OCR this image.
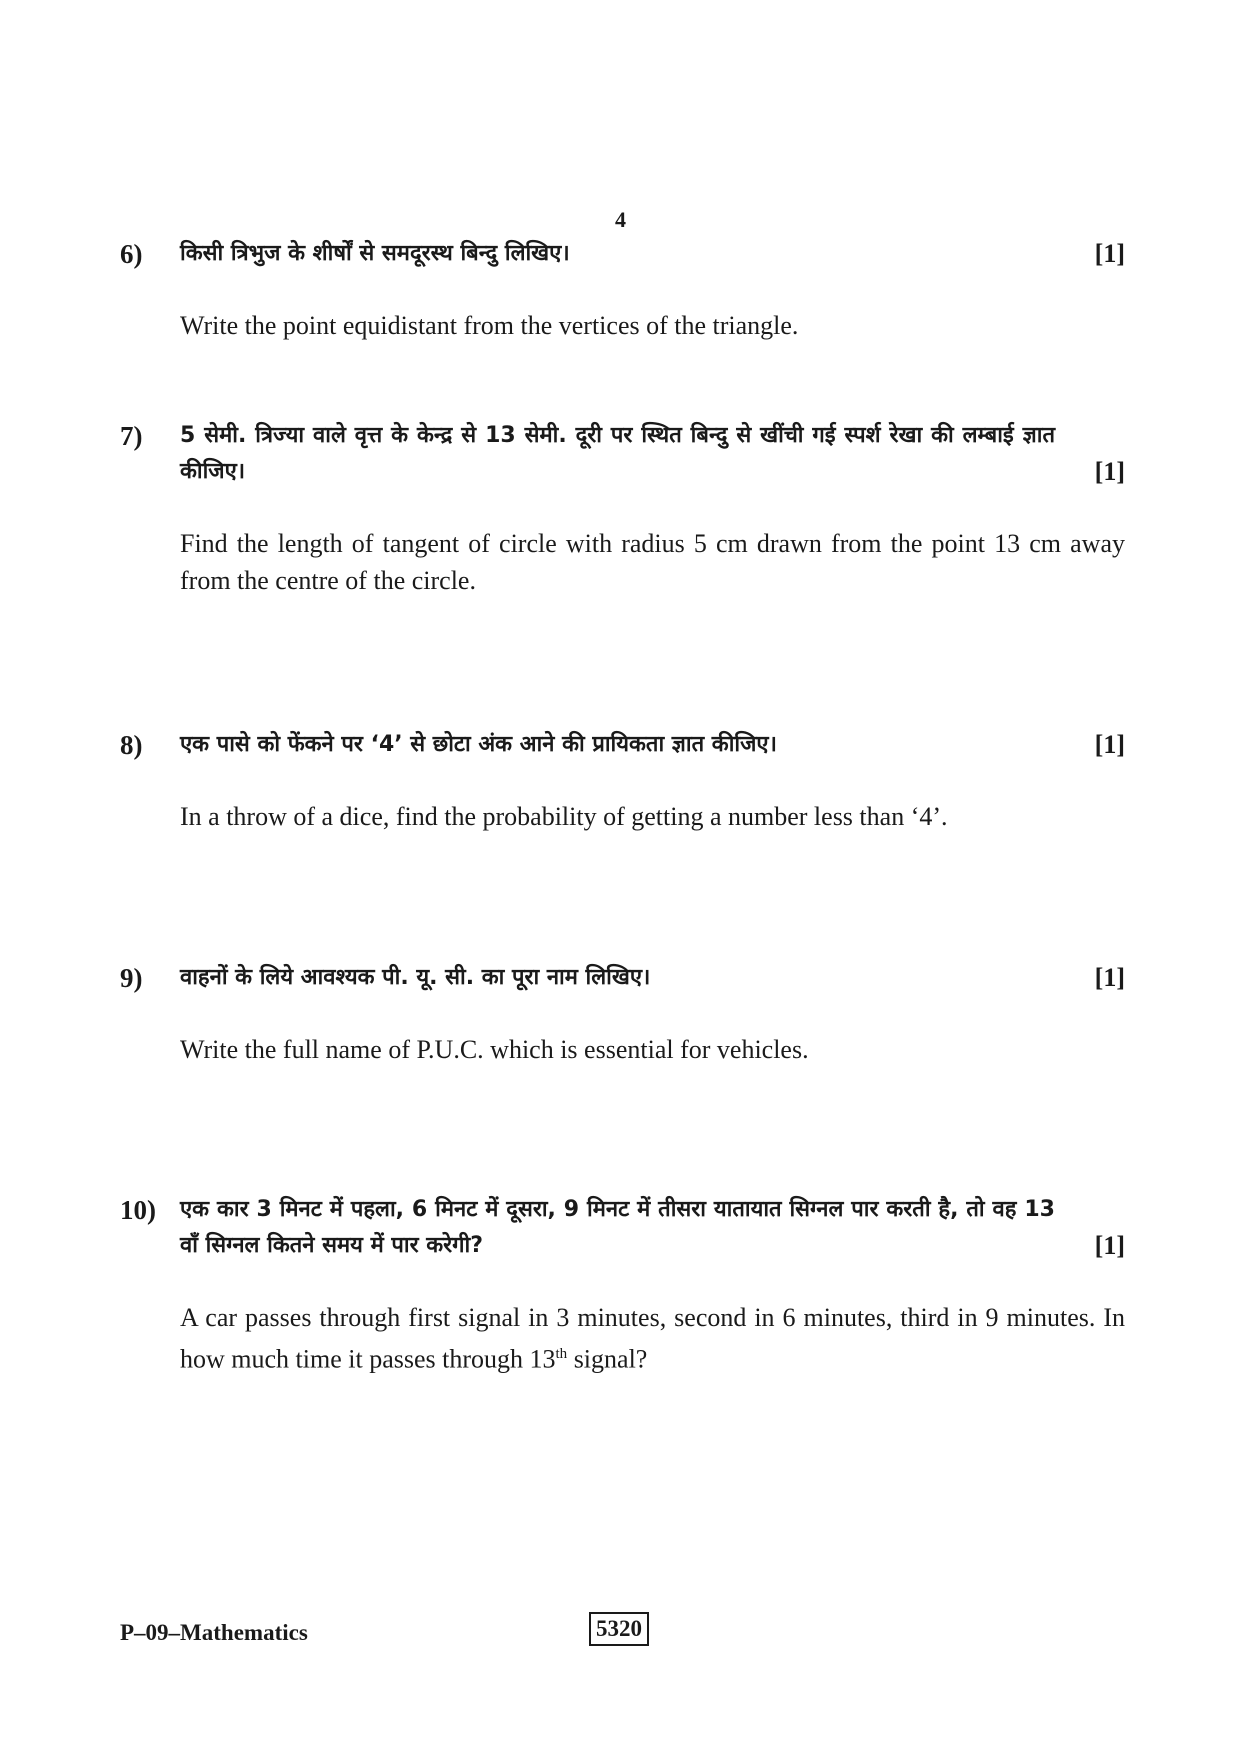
4
6)	[1]
किसी त्रिभुज के शीर्षों से समदूरस्थ बिन्दु लिखिए।
Write the point equidistant from the vertices of the triangle.
7)
[1]
5 सेमी. त्रिज्या वाले वृत्त के केन्द्र से 13 सेमी. दूरी पर स्थित बिन्दु से खींची गई स्पर्श रेखा की लम्बाई ज्ञात कीजिए।
Find the length of tangent of circle with radius 5 cm drawn from the point 13 cm away from the centre of the circle.
8)	[1]
एक पासे को फेंकने पर ‘4’ से छोटा अंक आने की प्रायिकता ज्ञात कीजिए।
In a throw of a dice, find the probability of getting a number less than ‘4’.
9)	[1]
वाहनों के लिये आवश्यक पी. यू. सी. का पूरा नाम लिखिए।
Write the full name of P.U.C. which is essential for vehicles.
10)
[1]
एक कार 3 मिनट में पहला, 6 मिनट में दूसरा, 9 मिनट में तीसरा यातायात सिग्नल पार करती है, तो वह 13 वाँ सिग्नल कितने समय में पार करेगी?
A car passes through first signal in 3 minutes, second in 6 minutes, third in 9 minutes. In how much time it passes through 13th signal?
P–09–Mathematics	5320
